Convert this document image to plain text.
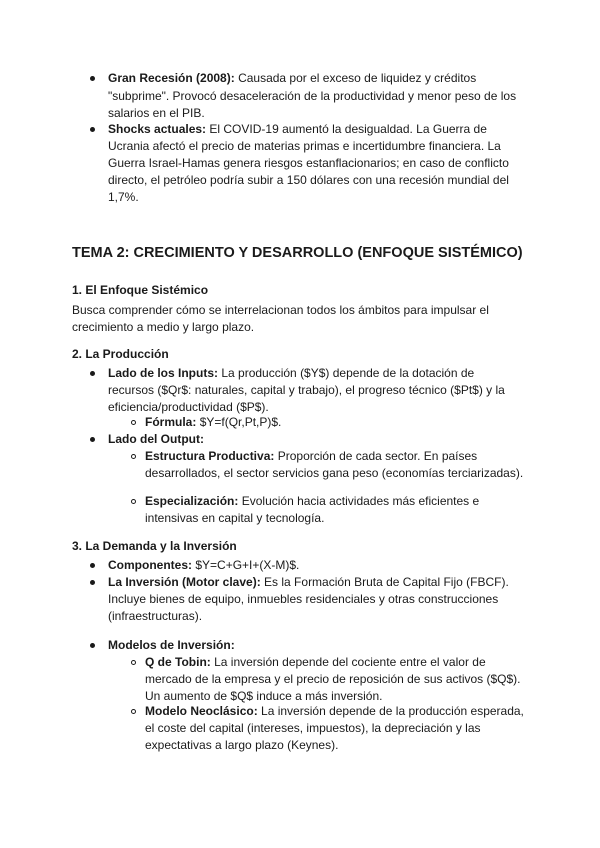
Gran Recesión (2008): Causada por el exceso de liquidez y créditos
"subprime". Provocó desaceleración de la productividad y menor peso de los
salarios en el PIB.
Shocks actuales: El COVID-19 aumentó la desigualdad. La Guerra de
Ucrania afectó el precio de materias primas e incertidumbre financiera. La
Guerra Israel-Hamas genera riesgos estanflacionarios; en caso de conflicto
directo, el petróleo podría subir a 150 dólares con una recesión mundial del
1,7%.
TEMA 2: CRECIMIENTO Y DESARROLLO (ENFOQUE SISTÉMICO)
1. El Enfoque Sistémico
Busca comprender cómo se interrelacionan todos los ámbitos para impulsar el
crecimiento a medio y largo plazo.
2. La Producción
Lado de los Inputs: La producción ($Y$) depende de la dotación de
recursos ($Qr$: naturales, capital y trabajo), el progreso técnico ($Pt$) y la
eficiencia/productividad ($P$).
Fórmula: $Y=f(Qr,Pt,P)$.
Lado del Output:
Estructura Productiva: Proporción de cada sector. En países
desarrollados, el sector servicios gana peso (economías terciarizadas).
Especialización: Evolución hacia actividades más eficientes e
intensivas en capital y tecnología.
3. La Demanda y la Inversión
Componentes: $Y=C+G+I+(X-M)$.
La Inversión (Motor clave): Es la Formación Bruta de Capital Fijo (FBCF).
Incluye bienes de equipo, inmuebles residenciales y otras construcciones
(infraestructuras).
Modelos de Inversión:
Q de Tobin: La inversión depende del cociente entre el valor de
mercado de la empresa y el precio de reposición de sus activos ($Q$).
Un aumento de $Q$ induce a más inversión.
Modelo Neoclásico: La inversión depende de la producción esperada,
el coste del capital (intereses, impuestos), la depreciación y las
expectativas a largo plazo (Keynes).
